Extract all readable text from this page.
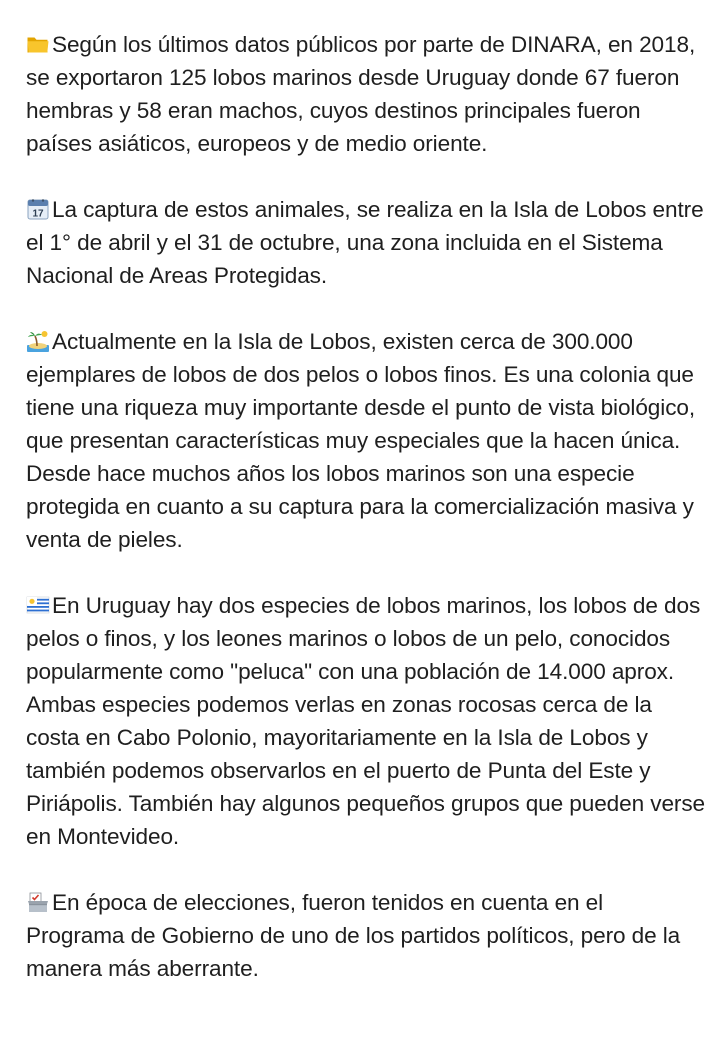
Según los últimos datos públicos por parte de DINARA, en 2018, se exportaron 125 lobos marinos desde Uruguay donde 67 fueron hembras y 58 eran machos, cuyos destinos principales fueron países asiáticos, europeos y de medio oriente.

17 La captura de estos animales, se realiza en la Isla de Lobos entre el 1° de abril y el 31 de octubre, una zona incluida en el Sistema Nacional de Areas Protegidas.

Actualmente en la Isla de Lobos, existen cerca de 300.000 ejemplares de lobos de dos pelos o lobos finos. Es una colonia que tiene una riqueza muy importante desde el punto de vista biológico, que presentan características muy especiales que la hacen única. Desde hace muchos años los lobos marinos son una especie protegida en cuanto a su captura para la comercialización masiva y venta de pieles.

En Uruguay hay dos especies de lobos marinos, los lobos de dos pelos o finos, y los leones marinos o lobos de un pelo, conocidos popularmente como "peluca" con una población de 14.000 aprox. Ambas especies podemos verlas en zonas rocosas cerca de la costa en Cabo Polonio, mayoritariamente en la Isla de Lobos y también podemos observarlos en el puerto de Punta del Este y Piriápolis. También hay algunos pequeños grupos que pueden verse en Montevideo.

En época de elecciones, fueron tenidos en cuenta en el Programa de Gobierno de uno de los partidos políticos, pero de la manera más aberrante.
